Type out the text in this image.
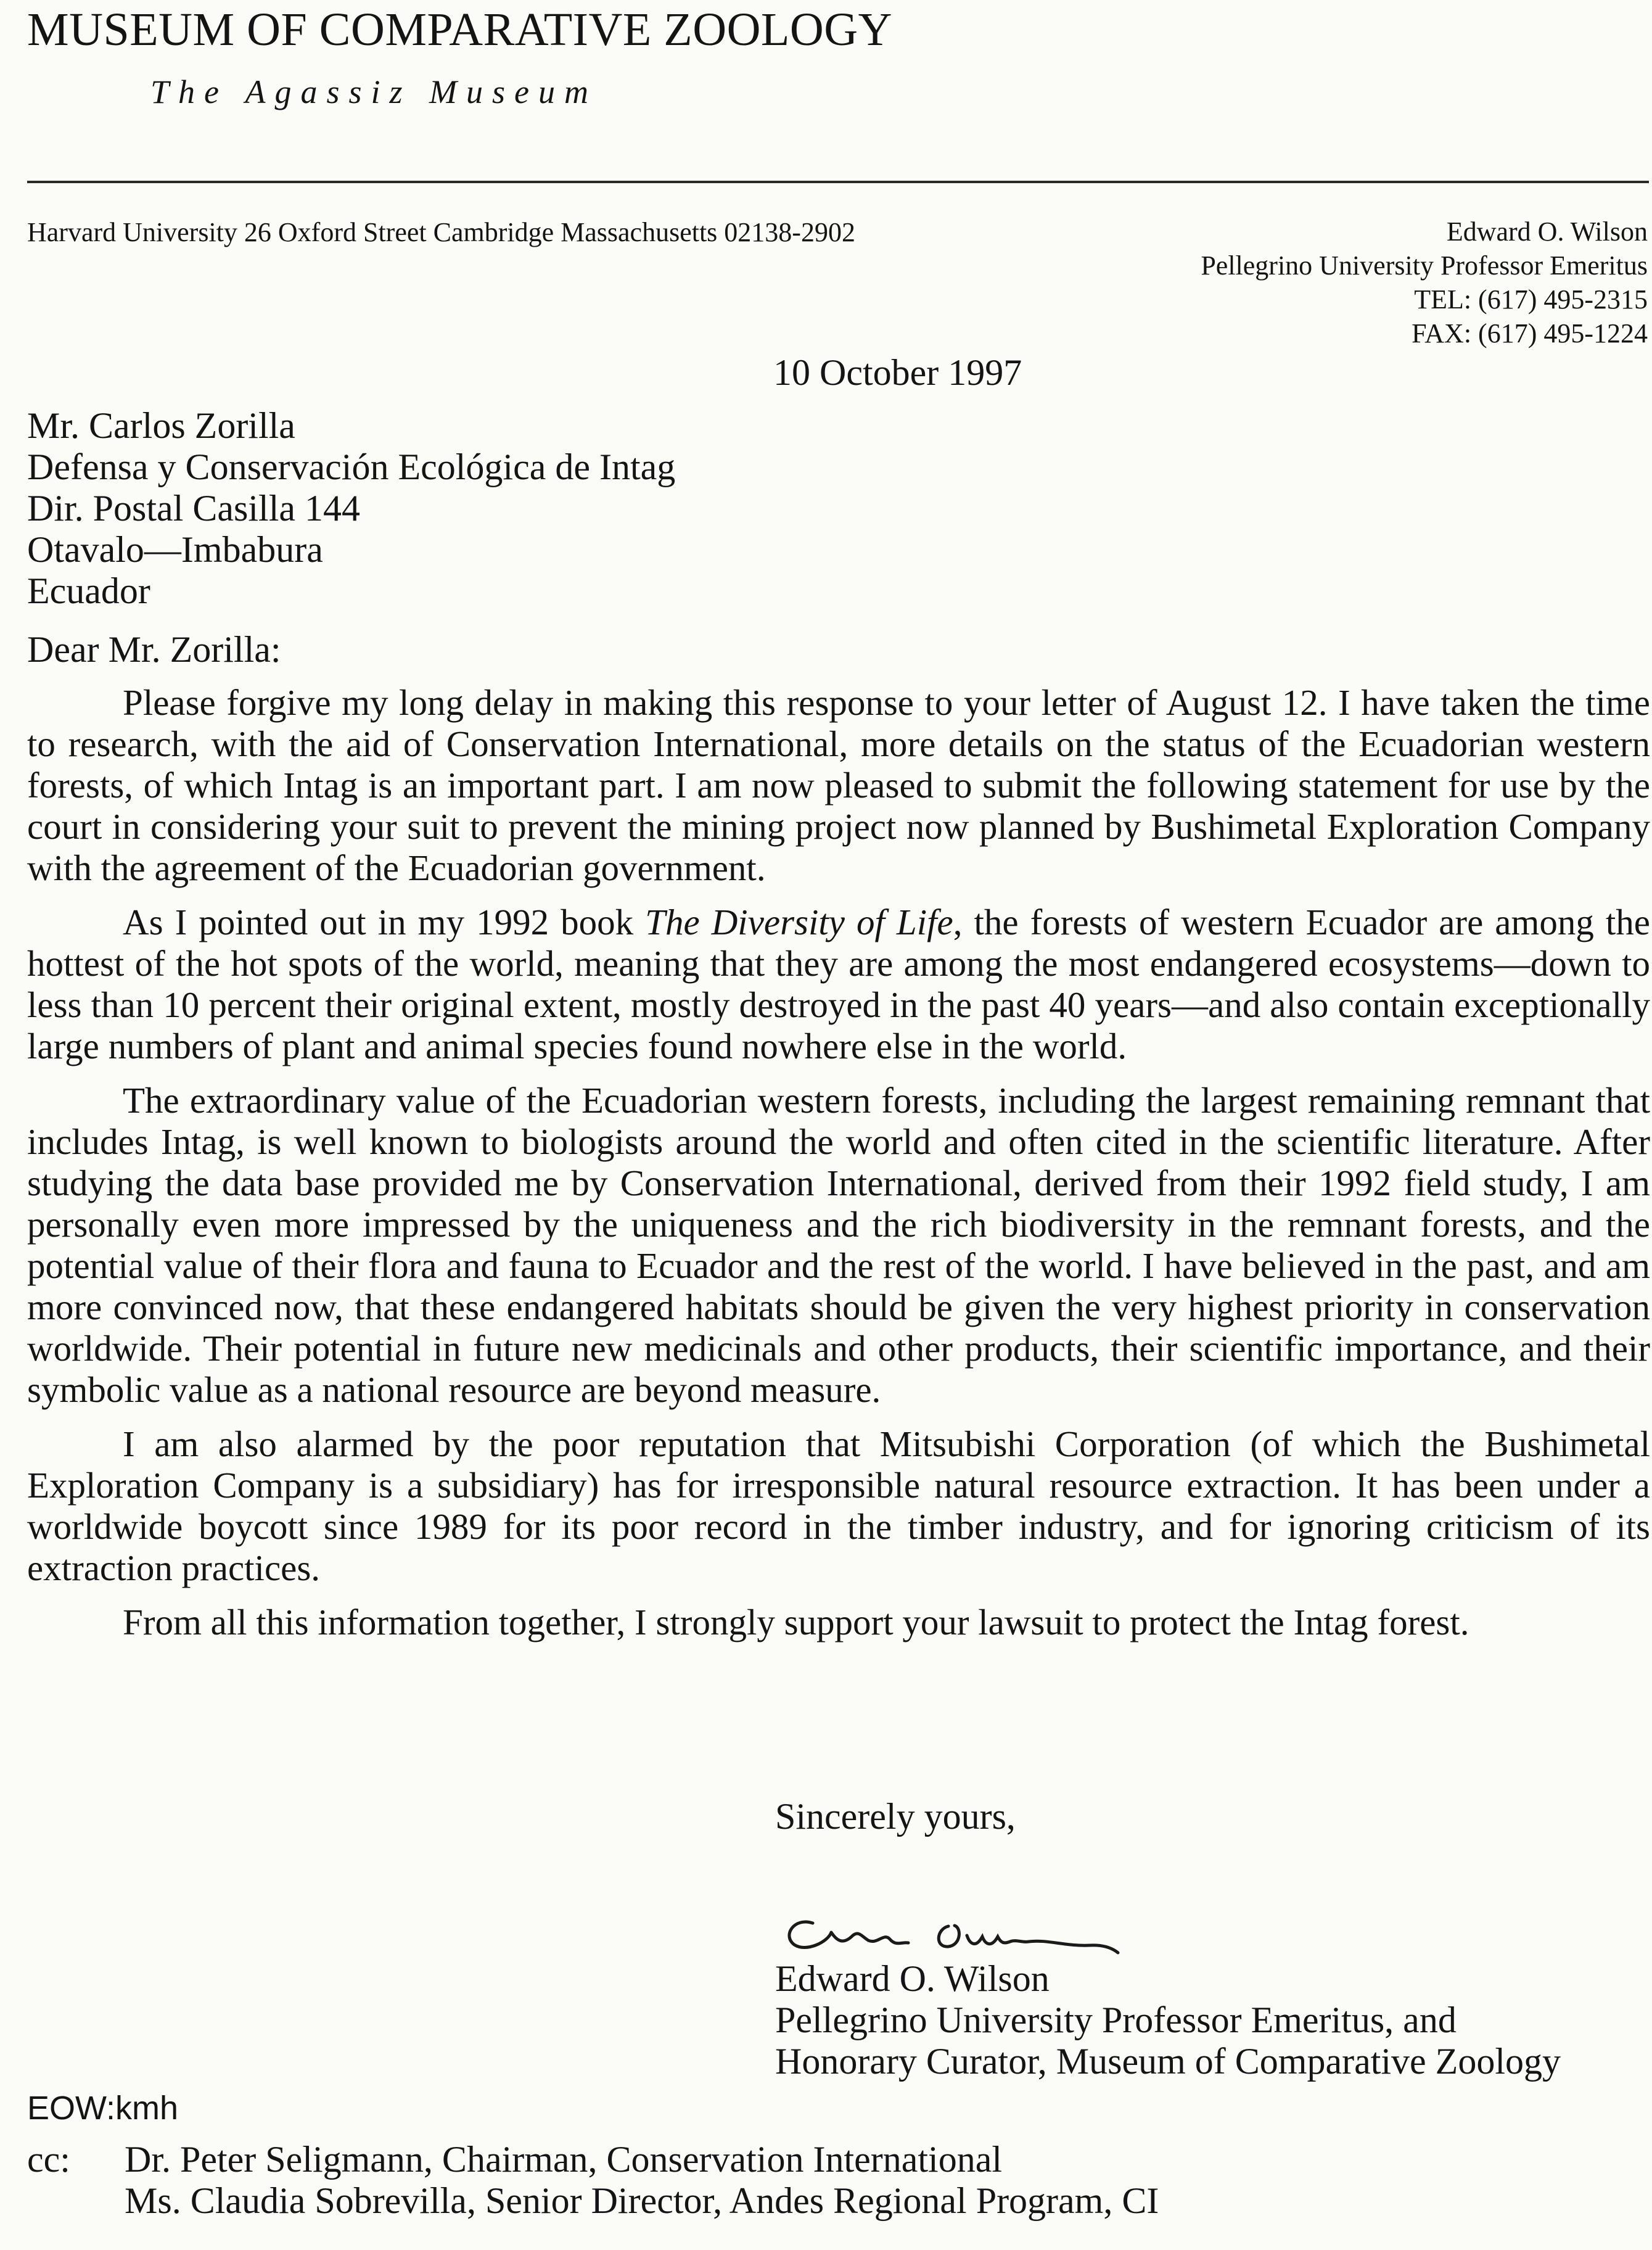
MUSEUM OF COMPARATIVE ZOOLOGY
The Agassiz Museum
Harvard University 26 Oxford Street Cambridge Massachusetts 02138-2902	Edward O. Wilson
Pellegrino University Professor Emeritus
TEL: (617) 495-2315
FAX: (617) 495-1224
10 October 1997
Mr. Carlos Zorilla
Defensa y Conservación Ecológica de Intag
Dir. Postal Casilla 144
Otavalo—Imbabura
Ecuador
Dear Mr. Zorilla:

Please forgive my long delay in making this response to your letter of August 12. I have taken the time to research, with the aid of Conservation International, more details on the status of the Ecuadorian western forests, of which Intag is an important part. I am now pleased to submit the following statement for use by the court in considering your suit to prevent the mining project now planned by Bushimetal Exploration Company with the agreement of the Ecuadorian government.

As I pointed out in my 1992 book The Diversity of Life, the forests of western Ecuador are among the hottest of the hot spots of the world, meaning that they are among the most endangered ecosystems—down to less than 10 percent their original extent, mostly destroyed in the past 40 years—and also contain exceptionally large numbers of plant and animal species found nowhere else in the world.

The extraordinary value of the Ecuadorian western forests, including the largest remaining remnant that includes Intag, is well known to biologists around the world and often cited in the scientific literature. After studying the data base provided me by Conservation International, derived from their 1992 field study, I am personally even more impressed by the uniqueness and the rich biodiversity in the remnant forests, and the potential value of their flora and fauna to Ecuador and the rest of the world. I have believed in the past, and am more convinced now, that these endangered habitats should be given the very highest priority in conservation worldwide. Their potential in future new medicinals and other products, their scientific importance, and their symbolic value as a national resource are beyond measure.

I am also alarmed by the poor reputation that Mitsubishi Corporation (of which the Bushimetal Exploration Company is a subsidiary) has for irresponsible natural resource extraction. It has been under a worldwide boycott since 1989 for its poor record in the timber industry, and for ignoring criticism of its extraction practices.

From all this information together, I strongly support your lawsuit to protect the Intag forest.

Sincerely yours,
Edward O. Wilson
Pellegrino University Professor Emeritus, and
Honorary Curator, Museum of Comparative Zoology
EOW:kmh
cc: Dr. Peter Seligmann, Chairman, Conservation International
Ms. Claudia Sobrevilla, Senior Director, Andes Regional Program, CI
